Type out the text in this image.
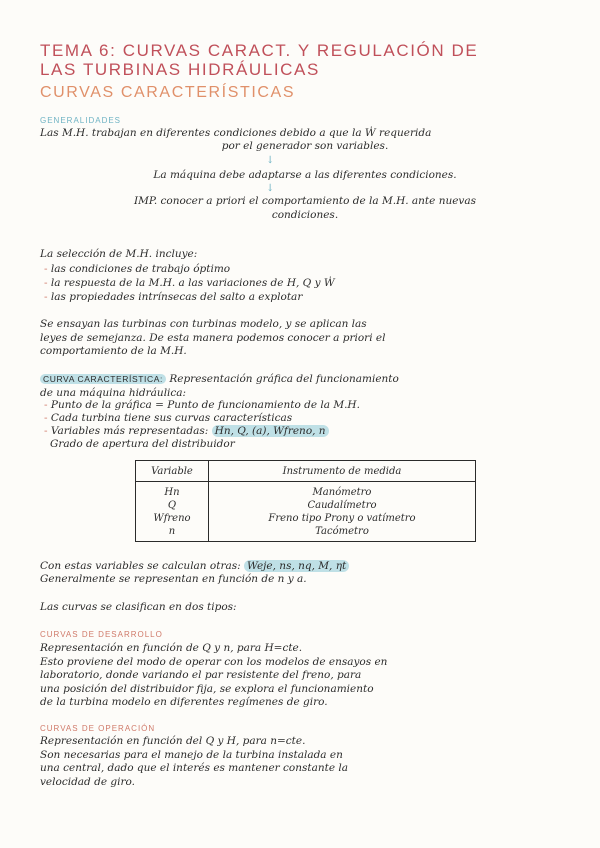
TEMA 6: CURVAS CARACT. Y REGULACIÓN DE
LAS TURBINAS HIDRÁULICAS
CURVAS CARACTERÍSTICAS
GENERALIDADES
Las M.H. trabajan en diferentes condiciones debido a que la Ẇ requerida
por el generador son variables.
↓
La máquina debe adaptarse a las diferentes condiciones.
↓
IMP. conocer a priori el comportamiento de la M.H. ante nuevas
condiciones.
La selección de M.H. incluye:
- las condiciones de trabajo óptimo
- la respuesta de la M.H. a las variaciones de H, Q y Ẇ
- las propiedades intrínsecas del salto a explotar
Se ensayan las turbinas con turbinas modelo, y se aplican las
leyes de semejanza. De esta manera podemos conocer a priori el
comportamiento de la M.H.
CURVA CARACTERÍSTICA: Representación gráfica del funcionamiento
de una máquina hidráulica:
- Punto de la gráfica = Punto de funcionamiento de la M.H.
- Cada turbina tiene sus curvas características
- Variables más representadas: Hn, Q, (a), Wfreno, n
Grado de apertura del distribuidor
Variable	Instrumento de medida
Hn	Manómetro
Q	Caudalímetro
Wfreno	Freno tipo Prony o vatímetro
n	Tacómetro
Con estas variables se calculan otras: Weje, ns, nq, M, ηt
Generalmente se representan en función de n y a.
Las curvas se clasifican en dos tipos:
CURVAS DE DESARROLLO
Representación en función de Q y n, para H=cte.
Esto proviene del modo de operar con los modelos de ensayos en
laboratorio, donde variando el par resistente del freno, para
una posición del distribuidor fija, se explora el funcionamiento
de la turbina modelo en diferentes regímenes de giro.
CURVAS DE OPERACIÓN
Representación en función del Q y H, para n=cte.
Son necesarias para el manejo de la turbina instalada en
una central, dado que el interés es mantener constante la
velocidad de giro.
